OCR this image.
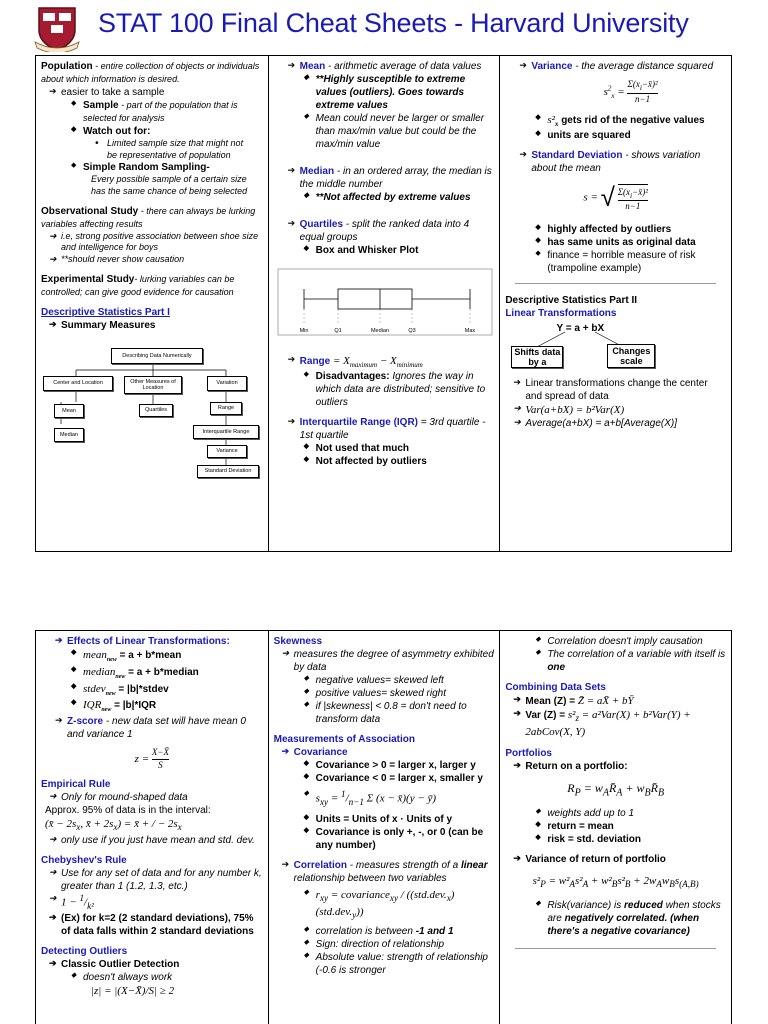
STAT 100 Final Cheat Sheets - Harvard University
Population - entire collection of objects or individuals about which information is desired.
➔ easier to take a sample
◆ Sample - part of the population that is selected for analysis
◆ Watch out for:
• Limited sample size that might not be representative of population
◆ Simple Random Sampling-
Every possible sample of a certain size has the same chance of being selected
Observational Study - there can always be lurking variables affecting results
➔ i.e, strong positive association between shoe size and intelligence for boys
➔ **should never show causation
Experimental Study- lurking variables can be controlled; can give good evidence for causation
Descriptive Statistics Part I
➔ Summary Measures
Describing Data Numerically
Center and Location	Other Measures of Location
Variation
Mean
Median
Quartiles	Range
Interquartile Range
Variance
Standard Deviation
➔ Mean - arithmetic average of data values
◆ **Highly susceptible to extreme values (outliers). Goes towards extreme values
◆ Mean could never be larger or smaller than max/min value but could be the max/min value
➔ Median - in an ordered array, the median is the middle number
◆ **Not affected by extreme values
➔ Quartiles - split the ranked data into 4 equal groups
◆ Box and Whisker Plot
Min	Q1	Median	Q3	Max
➔ Range = $X_{maximum} - X_{minimum}$
◆ Disadvantages: Ignores the way in which data are distributed; sensitive to outliers
➔ Interquartile Range (IQR) = 3rd quartile - 1st quartile
◆ Not used that much
◆ Not affected by outliers
➔ Variance - the average distance squared
$s^2_x = \frac{\Sigma(x_i-x̄)^2}{n-1}$
◆ $s^2_x$ gets rid of the negative values
◆ units are squared
➔ Standard Deviation - shows variation about the mean
s = √ $\frac{\Sigma(x_i-x̄)^2}{n-1}$
◆ highly affected by outliers
◆ has same units as original data
◆ finance = horrible measure of risk (trampoline example)
Descriptive Statistics Part II
Linear Transformations
Y = a + bX
Shifts data by a
Changes scale
➔ Linear transformations change the center and spread of data
➔ Var(a+bX) = b²Var(X)
➔ Average(a+bX) = a+b[Average(X)]
➔ Effects of Linear Transformations:
◆ mean$_{new}$ = a + b*mean
◆ median$_{new}$ = a + b*median
◆ stdev$_{new}$ = |b|*stdev
◆ $IQR_{new} = |b|*IQR$
➔ Z-score - new data set will have mean 0 and variance 1
$z = \frac{X-X̄}{S}$
Empirical Rule
➔ Only for mound-shaped data
Approx. 95% of data is in the interval:
(x̄ − $2s_x$, x̄ + $2s_x$) = x̄ + / − $2s_x$
➔ only use if you just have mean and std. dev.
Chebyshev's Rule
➔ Use for any set of data and for any number k, greater than 1 (1.2, 1.3, etc.)
➔ $1 - ^1/_{k^2}$
➔ (Ex) for k=2 (2 standard deviations), 75% of data falls within 2 standard deviations
Detecting Outliers
➔ Classic Outlier Detection
◆ doesn't always work
|z| = |(X−X̄)/S| ≥ 2
Skewness
➔ measures the degree of asymmetry exhibited by data
◆ negative values= skewed left
◆ positive values= skewed right
◆ if |skewness| < 0.8 = don't need to transform data
Measurements of Association
➔ Covariance
◆ Covariance > 0 = larger x, larger y
◆ Covariance < 0 = larger x, smaller y
◆ $s_{xy} = ^1/_{n-1}$ Σ (x − x̄)(y − ȳ)
◆ Units = Units of x · Units of y
◆ Covariance is only +, -, or 0 (can be any number)
➔ Correlation - measures strength of a linear relationship between two variables
◆ $r_{xy}$ = covariance$_{xy}$ / $((std.dev._x)(std.dev._y))$
◆ correlation is between -1 and 1
◆ Sign: direction of relationship
◆ Absolute value: strength of relationship (-0.6 is stronger
◆ Correlation doesn't imply causation
◆ The correlation of a variable with itself is one
Combining Data Sets
➔ Mean (Z) = Z̄ = aX̄ + bȲ
➔ Var $(Z) = s^2_z = a^2Var(X) + b^2Var(Y)$ + 2abCov(X, Y)
Portfolios
➔ Return on a portfolio:
$R_P$ = $w_AR̄_A$ + $w_BR̄_B$
◆ weights add up to 1
◆ return = mean
◆ risk = std. deviation
➔ Variance of return of portfolio
$s^2_P = w^2_As^2_A + w^2_Bs^2_B + 2w_Aw_Bs_{(A,B)}$
◆ Risk(variance) is reduced when stocks are negatively correlated. (when there's a negative covariance)
